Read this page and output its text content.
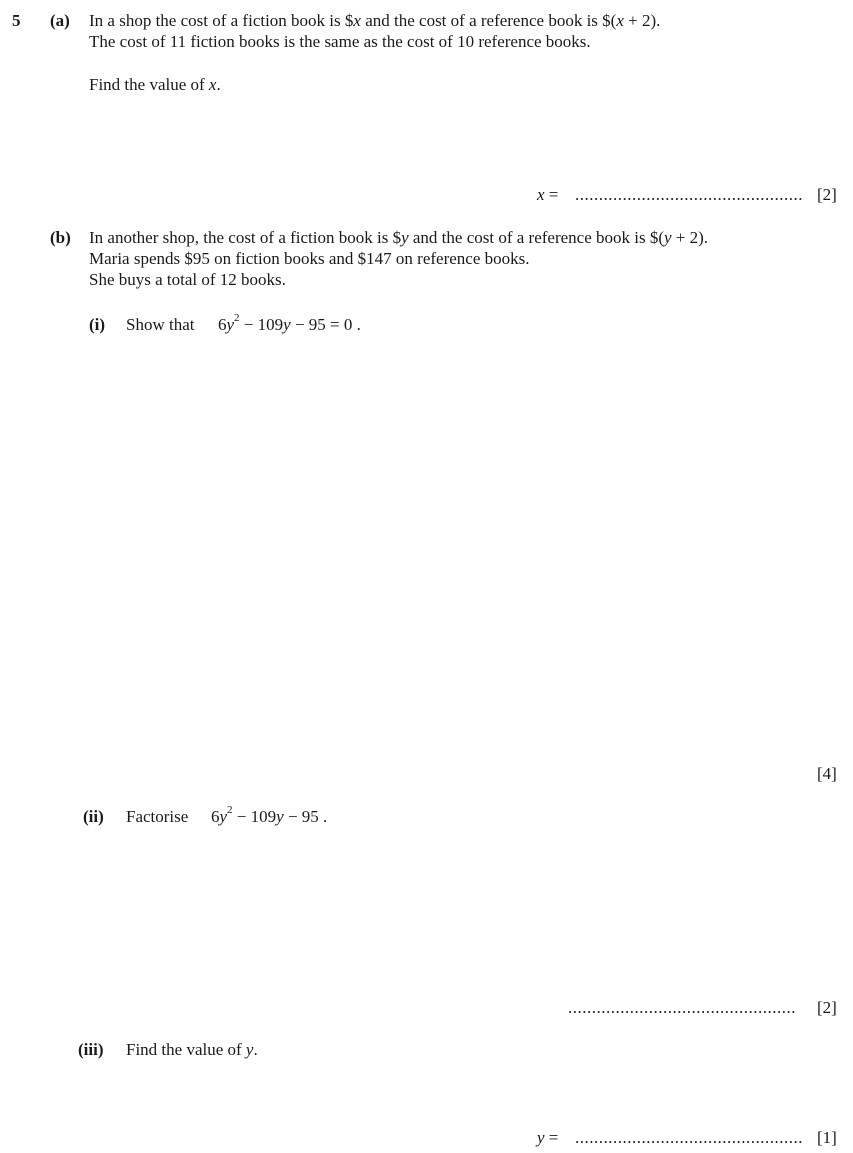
5 (a) In a shop the cost of a fiction book is $x and the cost of a reference book is $(x + 2).
The cost of 11 fiction books is the same as the cost of 10 reference books.
Find the value of x.
x = ................................................ [2]
(b) In another shop, the cost of a fiction book is $y and the cost of a reference book is $(y + 2).
Maria spends $95 on fiction books and $147 on reference books.
She buys a total of 12 books.
(i) Show that $6y^2 - 109y - 95 = 0$ .
[4]
(ii) Factorise $6y^2 - 109y - 95$ .
................................................	[2]
(iii) Find the value of y.
y = ................................................ [1]
